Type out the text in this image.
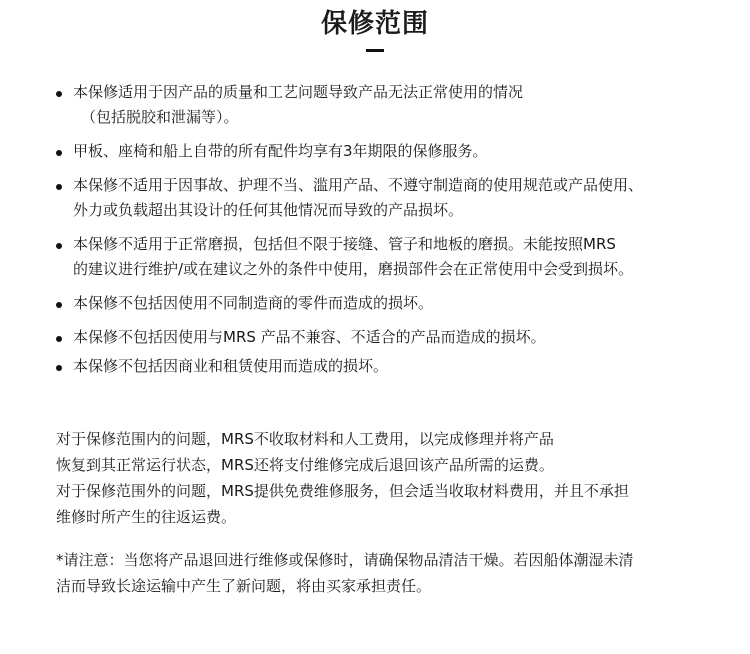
保修范围
本保修适用于因产品的质量和工艺问题导致产品无法正常使用的情况
（包括脱胶和泄漏等）。
甲板、座椅和船上自带的所有配件均享有3年期限的保修服务。
本保修不适用于因事故、护理不当、滥用产品、不遵守制造商的使用规范或产品使用、
外力或负载超出其设计的任何其他情况而导致的产品损坏。
本保修不适用于正常磨损，包括但不限于接缝、管子和地板的磨损。未能按照MRS
的建议进行维护/或在建议之外的条件中使用，磨损部件会在正常使用中会受到损坏。
本保修不包括因使用不同制造商的零件而造成的损坏。
本保修不包括因使用与MRS 产品不兼容、不适合的产品而造成的损坏。
本保修不包括因商业和租赁使用而造成的损坏。
对于保修范围内的问题，MRS不收取材料和人工费用，以完成修理并将产品
恢复到其正常运行状态，MRS还将支付维修完成后退回该产品所需的运费。
对于保修范围外的问题，MRS提供免费维修服务，但会适当收取材料费用，并且不承担
维修时所产生的往返运费。
*请注意：当您将产品退回进行维修或保修时，请确保物品清洁干燥。若因船体潮湿未清
洁而导致长途运输中产生了新问题，将由买家承担责任。
